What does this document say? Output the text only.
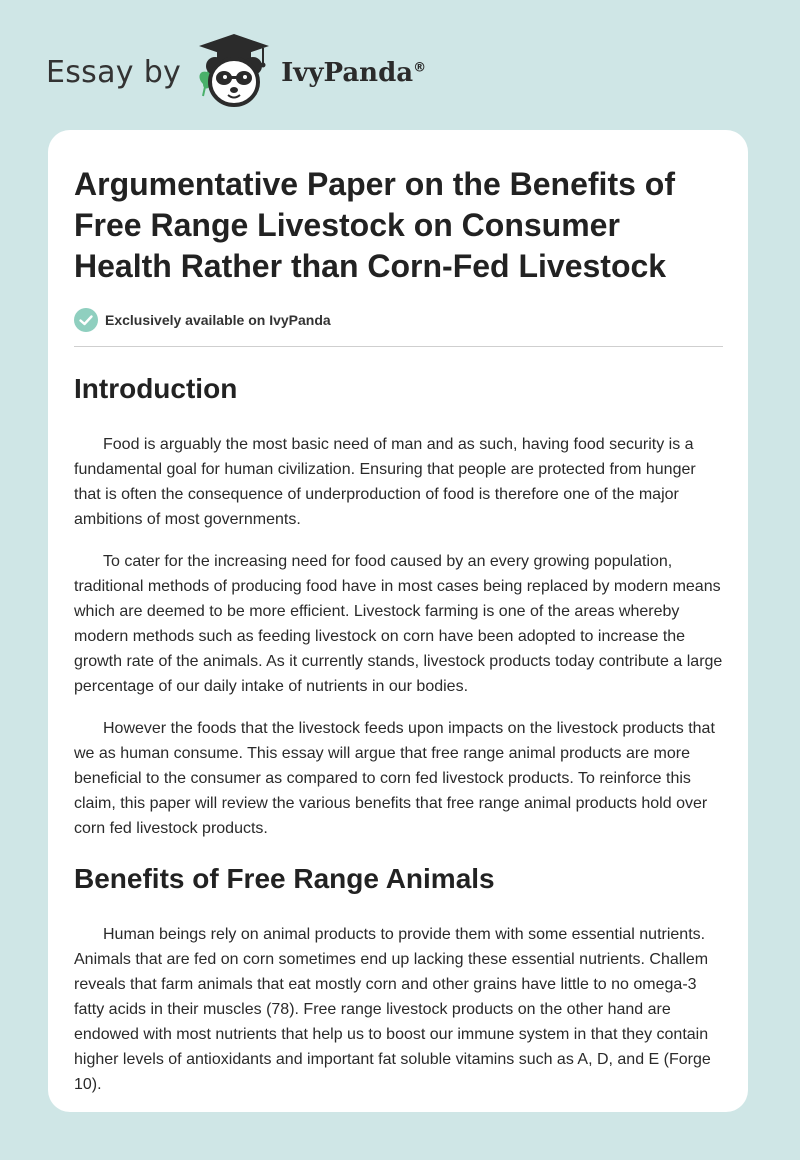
Essay by	IvyPanda®
Argumentative Paper on the Benefits of Free Range Livestock on Consumer Health Rather than Corn-Fed Livestock
Exclusively available on IvyPanda
Introduction

Food is arguably the most basic need of man and as such, having food security is a fundamental goal for human civilization. Ensuring that people are protected from hunger that is often the consequence of underproduction of food is therefore one of the major ambitions of most governments.

To cater for the increasing need for food caused by an every growing population, traditional methods of producing food have in most cases being replaced by modern means which are deemed to be more efficient. Livestock farming is one of the areas whereby modern methods such as feeding livestock on corn have been adopted to increase the growth rate of the animals. As it currently stands, livestock products today contribute a large percentage of our daily intake of nutrients in our bodies.

However the foods that the livestock feeds upon impacts on the livestock products that we as human consume. This essay will argue that free range animal products are more beneficial to the consumer as compared to corn fed livestock products. To reinforce this claim, this paper will review the various benefits that free range animal products hold over corn fed livestock products.

Benefits of Free Range Animals

Human beings rely on animal products to provide them with some essential nutrients. Animals that are fed on corn sometimes end up lacking these essential nutrients. Challem reveals that farm animals that eat mostly corn and other grains have little to no omega-3 fatty acids in their muscles (78). Free range livestock products on the other hand are endowed with most nutrients that help us to boost our immune system in that they contain higher levels of antioxidants and important fat soluble vitamins such as A, D, and E (Forge 10).
